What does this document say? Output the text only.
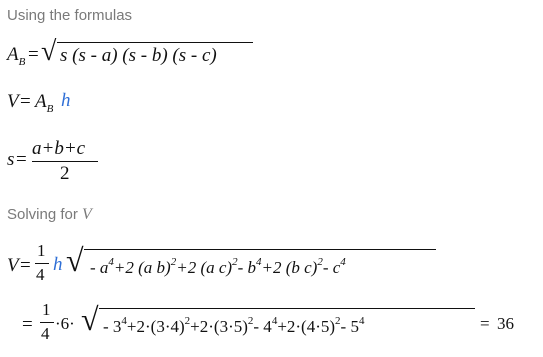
Using the formulas
$A_B$ = √ s (s - a) (s - b) (s - c)
$V = A_B$ h
s =
a+b+c
2
Solving for V
V =
1
4 h √ - $a^4+2$ (a b)$^2$+2 (a c)$^2$- $b^4+2$ (b c)$^2$- $c^4$
=
1
4
·6· √ - $3^4+2\cdot(3\cdot 4)^2+2\cdot(3\cdot 5)^2-$ $4^4+2\cdot(4\cdot 5)^2-$ $5^4$	= 36
